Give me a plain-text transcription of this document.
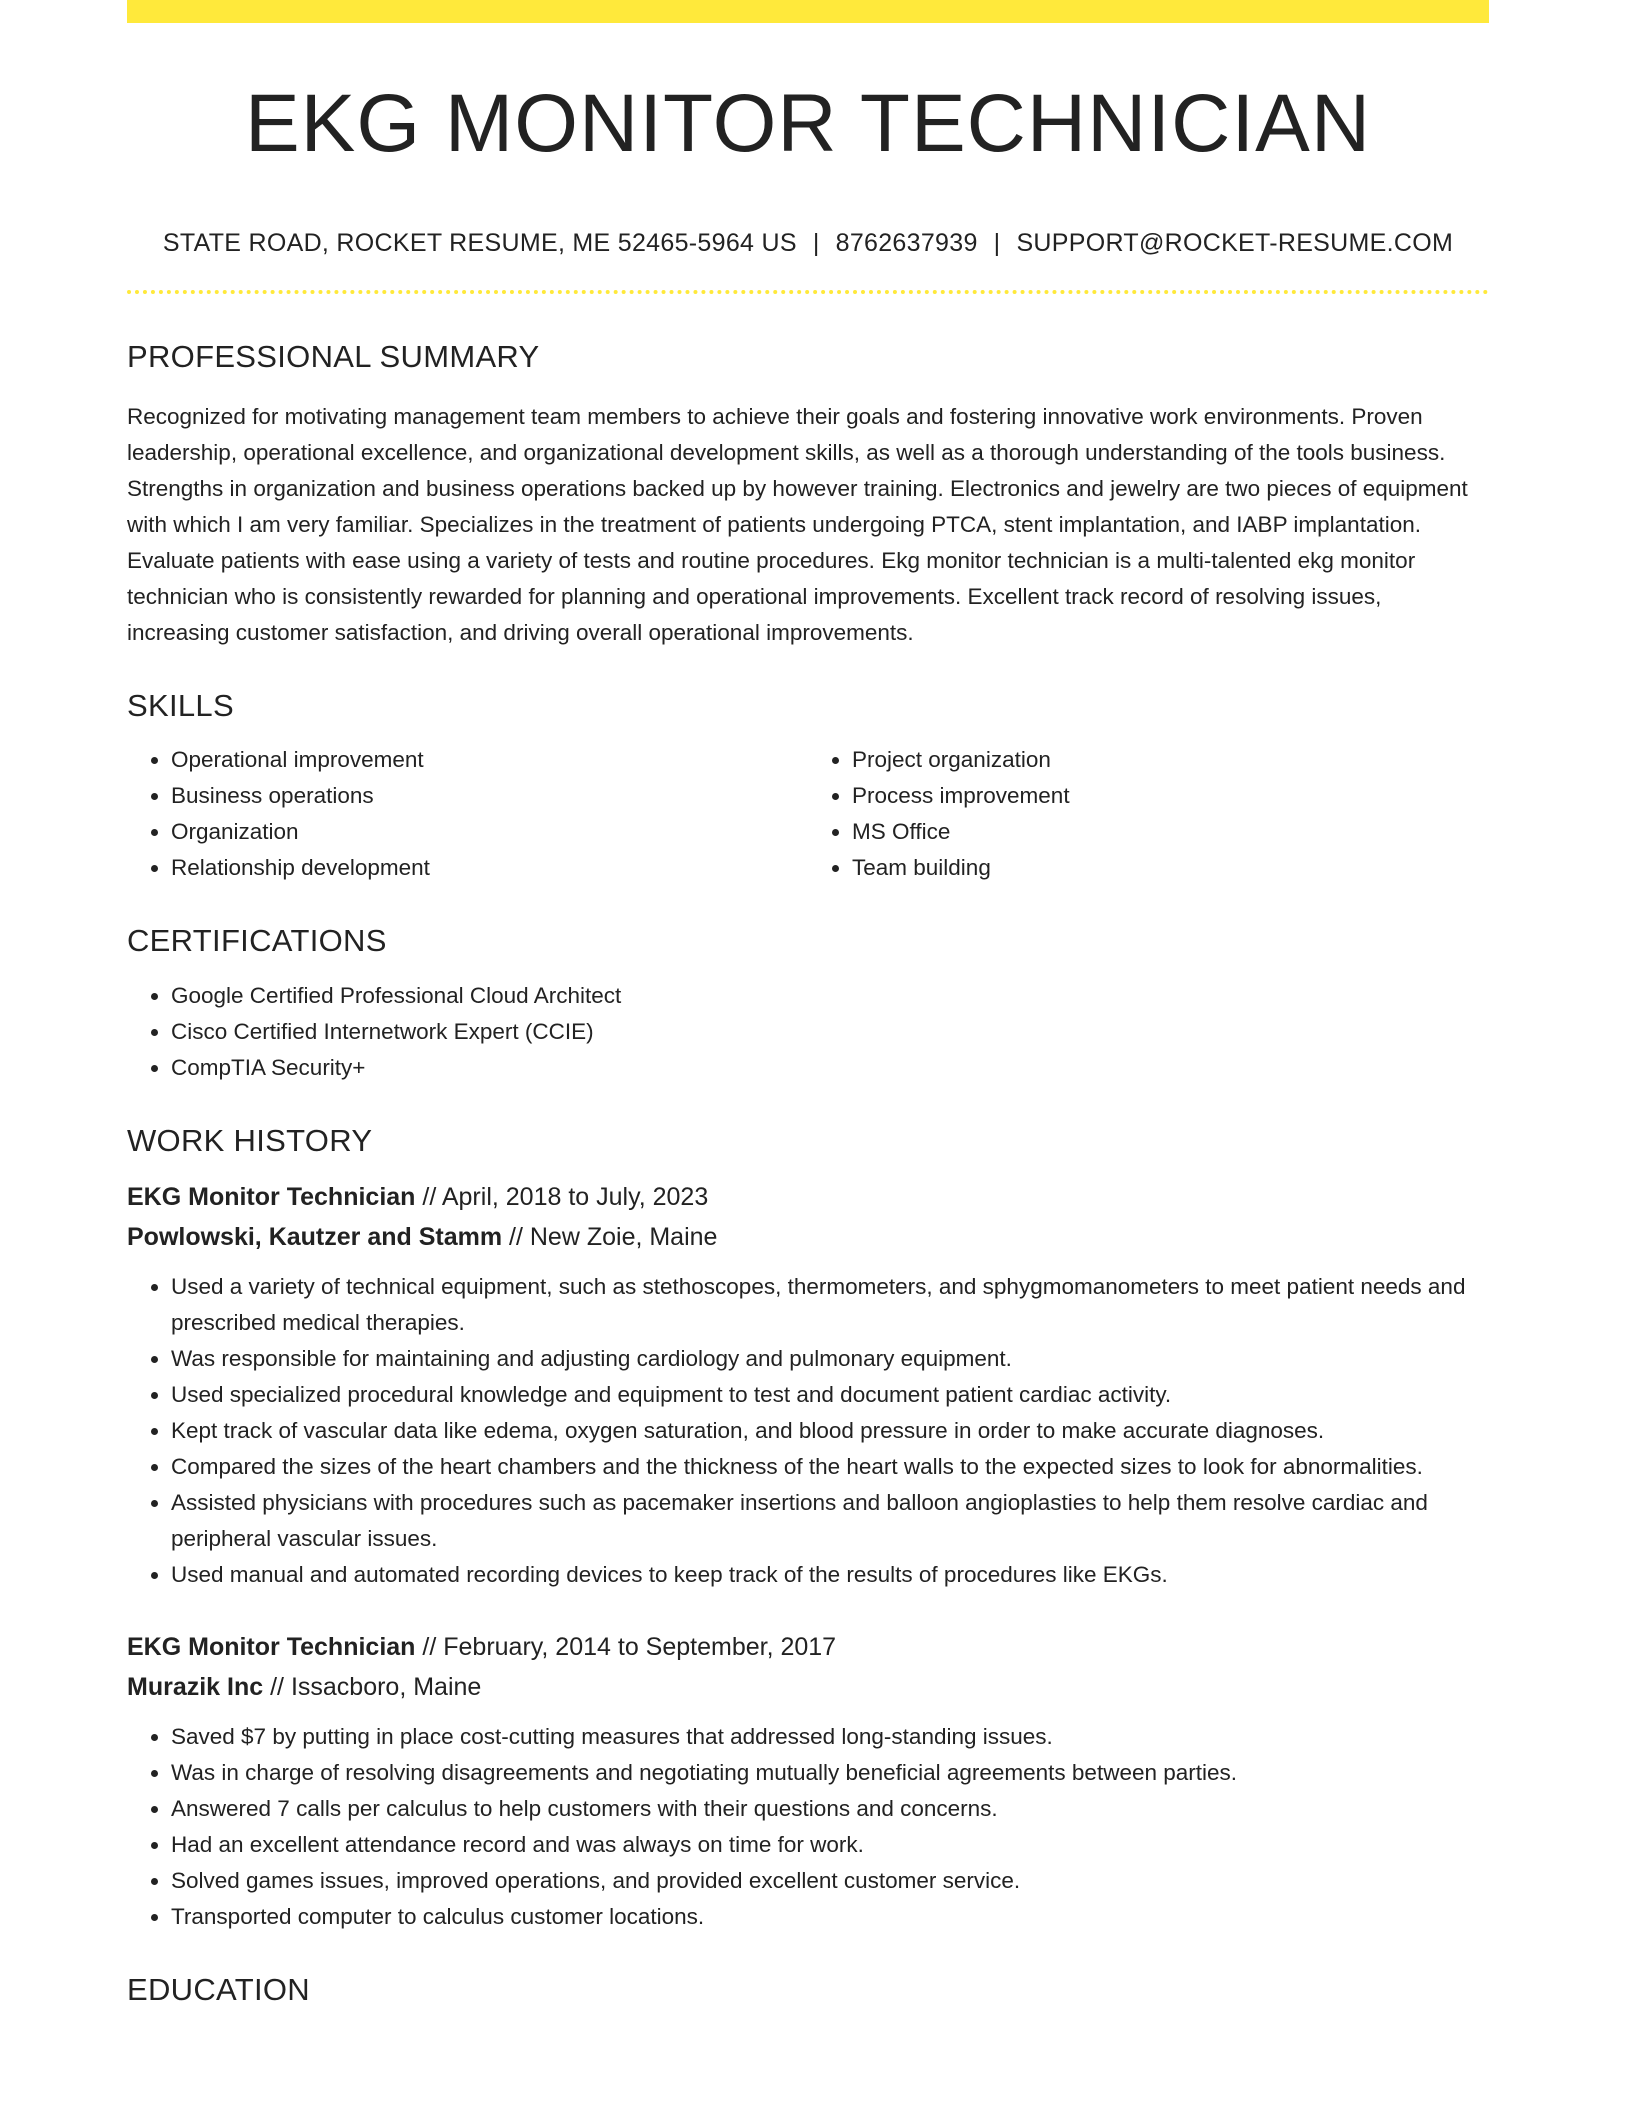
EKG MONITOR TECHNICIAN
STATE ROAD, ROCKET RESUME, ME 52465-5964 US | 8762637939 | SUPPORT@ROCKET-RESUME.COM
PROFESSIONAL SUMMARY

Recognized for motivating management team members to achieve their goals and fostering innovative work environments. Proven leadership, operational excellence, and organizational development skills, as well as a thorough understanding of the tools business. Strengths in organization and business operations backed up by however training. Electronics and jewelry are two pieces of equipment with which I am very familiar. Specializes in the treatment of patients undergoing PTCA, stent implantation, and IABP implantation. Evaluate patients with ease using a variety of tests and routine procedures. Ekg monitor technician is a multi-talented ekg monitor technician who is consistently rewarded for planning and operational improvements. Excellent track record of resolving issues, increasing customer satisfaction, and driving overall operational improvements.

SKILLS
• Operational improvement
• Business operations
• Organization
• Relationship development
• Project organization
• Process improvement
• MS Office
• Team building
CERTIFICATIONS
• Google Certified Professional Cloud Architect
• Cisco Certified Internetwork Expert (CCIE)
• CompTIA Security+
WORK HISTORY

EKG Monitor Technician // April, 2018 to July, 2023

Powlowski, Kautzer and Stamm // New Zoie, Maine

• Used a variety of technical equipment, such as stethoscopes, thermometers, and sphygmomanometers to meet patient needs and prescribed medical therapies.
• Was responsible for maintaining and adjusting cardiology and pulmonary equipment.
• Used specialized procedural knowledge and equipment to test and document patient cardiac activity.
• Kept track of vascular data like edema, oxygen saturation, and blood pressure in order to make accurate diagnoses.
• Compared the sizes of the heart chambers and the thickness of the heart walls to the expected sizes to look for abnormalities.
• Assisted physicians with procedures such as pacemaker insertions and balloon angioplasties to help them resolve cardiac and peripheral vascular issues.
• Used manual and automated recording devices to keep track of the results of procedures like EKGs.

EKG Monitor Technician // February, 2014 to September, 2017

Murazik Inc // Issacboro, Maine

• Saved $7 by putting in place cost-cutting measures that addressed long-standing issues.
• Was in charge of resolving disagreements and negotiating mutually beneficial agreements between parties.
• Answered 7 calls per calculus to help customers with their questions and concerns.
• Had an excellent attendance record and was always on time for work.
• Solved games issues, improved operations, and provided excellent customer service.
• Transported computer to calculus customer locations.
EDUCATION
